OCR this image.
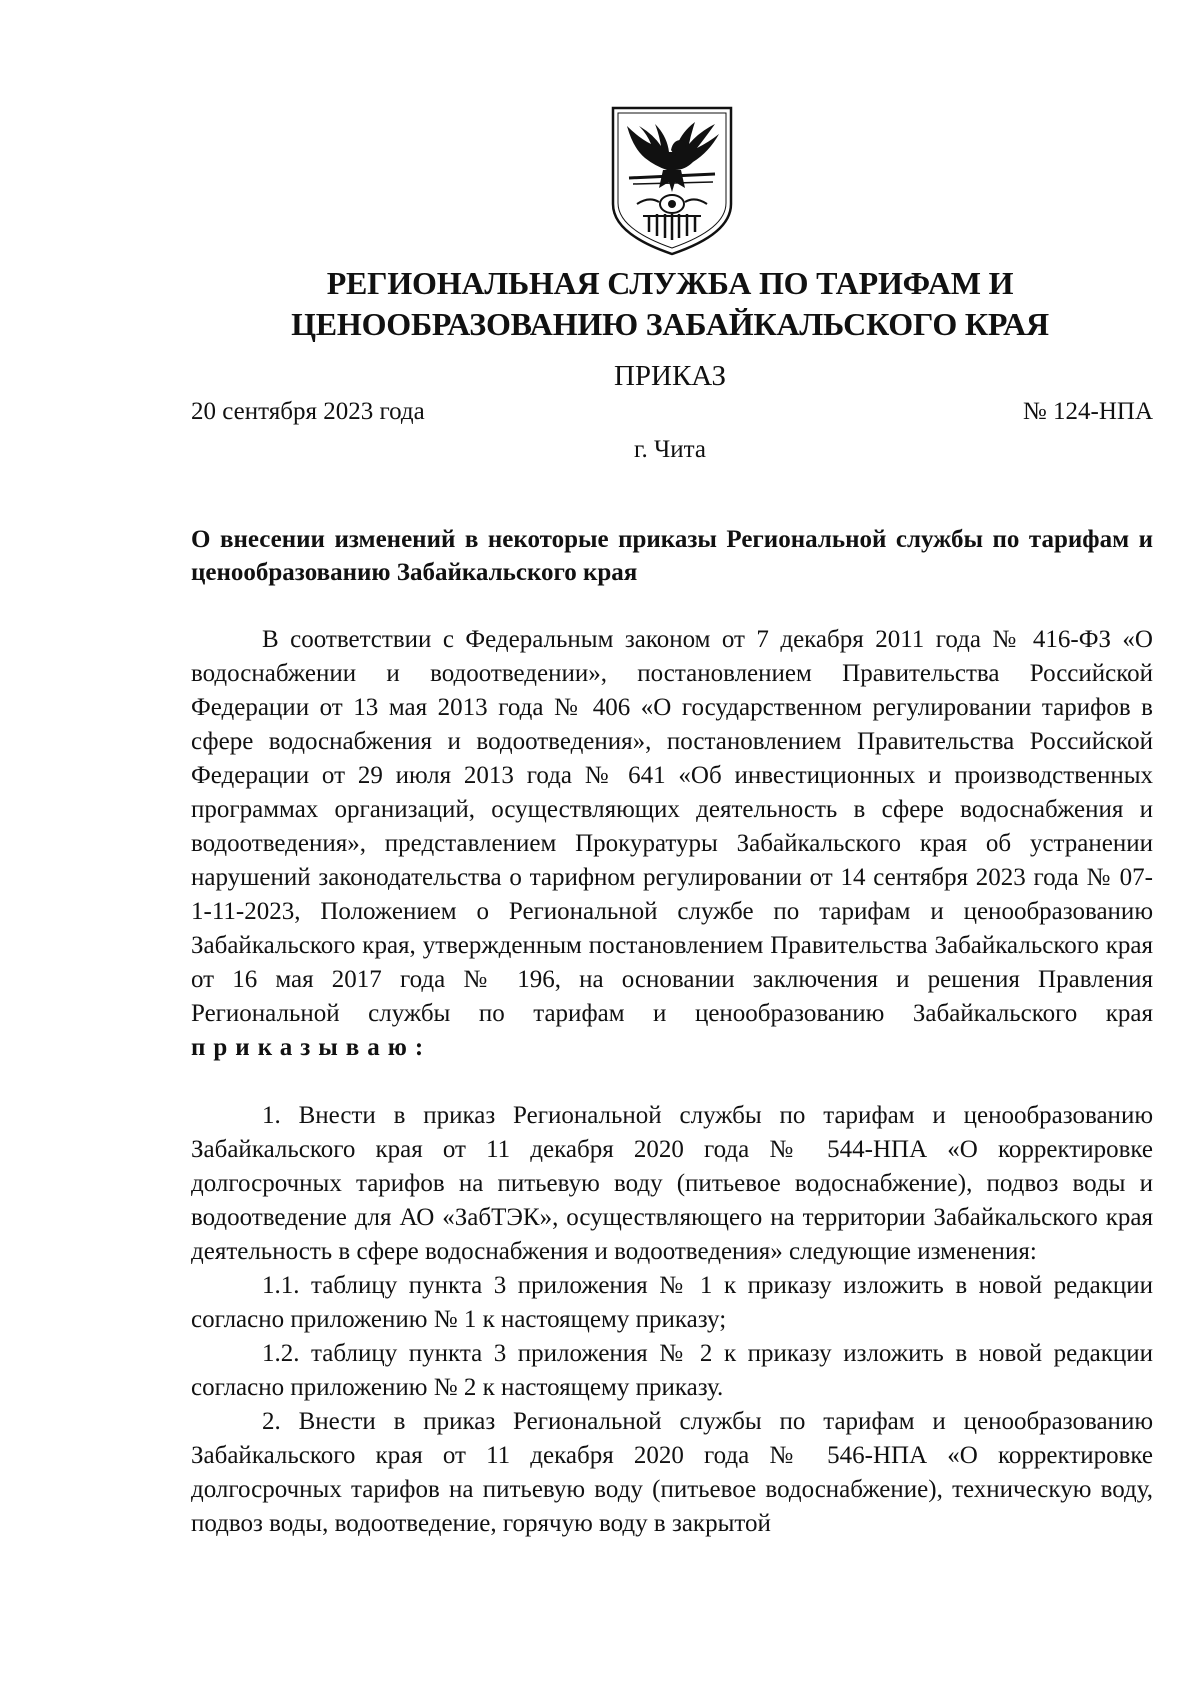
РЕГИОНАЛЬНАЯ СЛУЖБА ПО ТАРИФАМ И
ЦЕНООБРАЗОВАНИЮ ЗАБАЙКАЛЬСКОГО КРАЯ
ПРИКАЗ
20 сентября 2023 года	№ 124-НПА
г. Чита
О внесении изменений в некоторые приказы Региональной службы по тарифам и ценообразованию Забайкальского края

В соответствии с Федеральным законом от 7 декабря 2011 года № 416-ФЗ «О водоснабжении и водоотведении», постановлением Правительства Российской Федерации от 13 мая 2013 года № 406 «О государственном регулировании тарифов в сфере водоснабжения и водоотведения», постановлением Правительства Российской Федерации от 29 июля 2013 года № 641 «Об инвестиционных и производственных программах организаций, осуществляющих деятельность в сфере водоснабжения и водоотведения», представлением Прокуратуры Забайкальского края об устранении нарушений законодательства о тарифном регулировании от 14 сентября 2023 года № 07-1-11-2023, Положением о Региональной службе по тарифам и ценообразованию Забайкальского края, утвержденным постановлением Правительства Забайкальского края от 16 мая 2017 года № 196, на основании заключения и решения Правления Региональной службы по тарифам и ценообразованию Забайкальского края приказываю:

1. Внести в приказ Региональной службы по тарифам и ценообразованию Забайкальского края от 11 декабря 2020 года № 544-НПА «О корректировке долгосрочных тарифов на питьевую воду (питьевое водоснабжение), подвоз воды и водоотведение для АО «ЗабТЭК», осуществляющего на территории Забайкальского края деятельность в сфере водоснабжения и водоотведения» следующие изменения:

1.1. таблицу пункта 3 приложения № 1 к приказу изложить в новой редакции согласно приложению № 1 к настоящему приказу;

1.2. таблицу пункта 3 приложения № 2 к приказу изложить в новой редакции согласно приложению № 2 к настоящему приказу.

2. Внести в приказ Региональной службы по тарифам и ценообразованию Забайкальского края от 11 декабря 2020 года № 546-НПА «О корректировке долгосрочных тарифов на питьевую воду (питьевое водоснабжение), техническую воду, подвоз воды, водоотведение, горячую воду в закрытой
